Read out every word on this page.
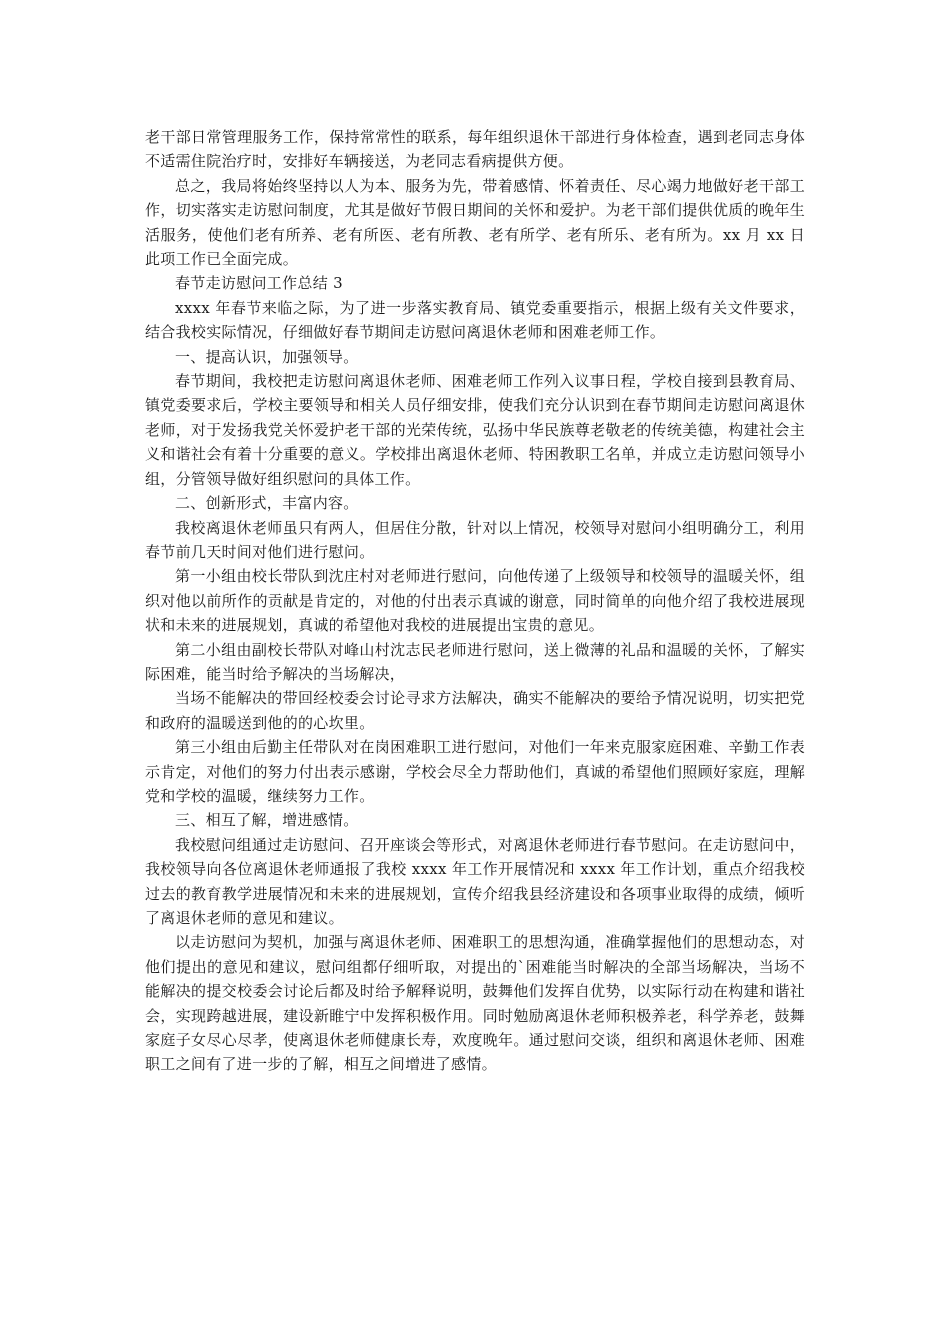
老干部日常管理服务工作，保持常常性的联系，每年组织退休干部进行身体检查，遇到老同志身体不适需住院治疗时，安排好车辆接送，为老同志看病提供方便。

总之，我局将始终坚持以人为本、服务为先，带着感情、怀着责任、尽心竭力地做好老干部工作，切实落实走访慰问制度，尤其是做好节假日期间的关怀和爱护。为老干部们提供优质的晚年生活服务，使他们老有所养、老有所医、老有所教、老有所学、老有所乐、老有所为。xx 月 xx 日此项工作已全面完成。

春节走访慰问工作总结 3

xxxx 年春节来临之际，为了进一步落实教育局、镇党委重要指示，根据上级有关文件要求，结合我校实际情况，仔细做好春节期间走访慰问离退休老师和困难老师工作。

一、提高认识，加强领导。

春节期间，我校把走访慰问离退休老师、困难老师工作列入议事日程，学校自接到县教育局、镇党委要求后，学校主要领导和相关人员仔细安排，使我们充分认识到在春节期间走访慰问离退休老师，对于发扬我党关怀爱护老干部的光荣传统，弘扬中华民族尊老敬老的传统美德，构建社会主义和谐社会有着十分重要的意义。学校排出离退休老师、特困教职工名单，并成立走访慰问领导小组，分管领导做好组织慰问的具体工作。

二、创新形式，丰富内容。

我校离退休老师虽只有两人，但居住分散，针对以上情况，校领导对慰问小组明确分工，利用春节前几天时间对他们进行慰问。

第一小组由校长带队到沈庄村对老师进行慰问，向他传递了上级领导和校领导的温暖关怀，组织对他以前所作的贡献是肯定的，对他的付出表示真诚的谢意，同时简单的向他介绍了我校进展现状和未来的进展规划，真诚的希望他对我校的进展提出宝贵的意见。

第二小组由副校长带队对峰山村沈志民老师进行慰问，送上微薄的礼品和温暖的关怀，了解实际困难，能当时给予解决的当场解决，

当场不能解决的带回经校委会讨论寻求方法解决，确实不能解决的要给予情况说明，切实把党和政府的温暖送到他的的心坎里。

第三小组由后勤主任带队对在岗困难职工进行慰问，对他们一年来克服家庭困难、辛勤工作表示肯定，对他们的努力付出表示感谢，学校会尽全力帮助他们，真诚的希望他们照顾好家庭，理解党和学校的温暖，继续努力工作。

三、相互了解，增进感情。

我校慰问组通过走访慰问、召开座谈会等形式，对离退休老师进行春节慰问。在走访慰问中，我校领导向各位离退休老师通报了我校 xxxx 年工作开展情况和 xxxx 年工作计划，重点介绍我校过去的教育教学进展情况和未来的进展规划，宣传介绍我县经济建设和各项事业取得的成绩，倾听了离退休老师的意见和建议。

以走访慰问为契机，加强与离退休老师、困难职工的思想沟通，准确掌握他们的思想动态，对他们提出的意见和建议，慰问组都仔细听取，对提出的`困难能当时解决的全部当场解决，当场不能解决的提交校委会讨论后都及时给予解释说明，鼓舞他们发挥自优势，以实际行动在构建和谐社会，实现跨越进展，建设新睢宁中发挥积极作用。同时勉励离退休老师积极养老，科学养老，鼓舞家庭子女尽心尽孝，使离退休老师健康长寿，欢度晚年。通过慰问交谈，组织和离退休老师、困难职工之间有了进一步的了解，相互之间增进了感情。
